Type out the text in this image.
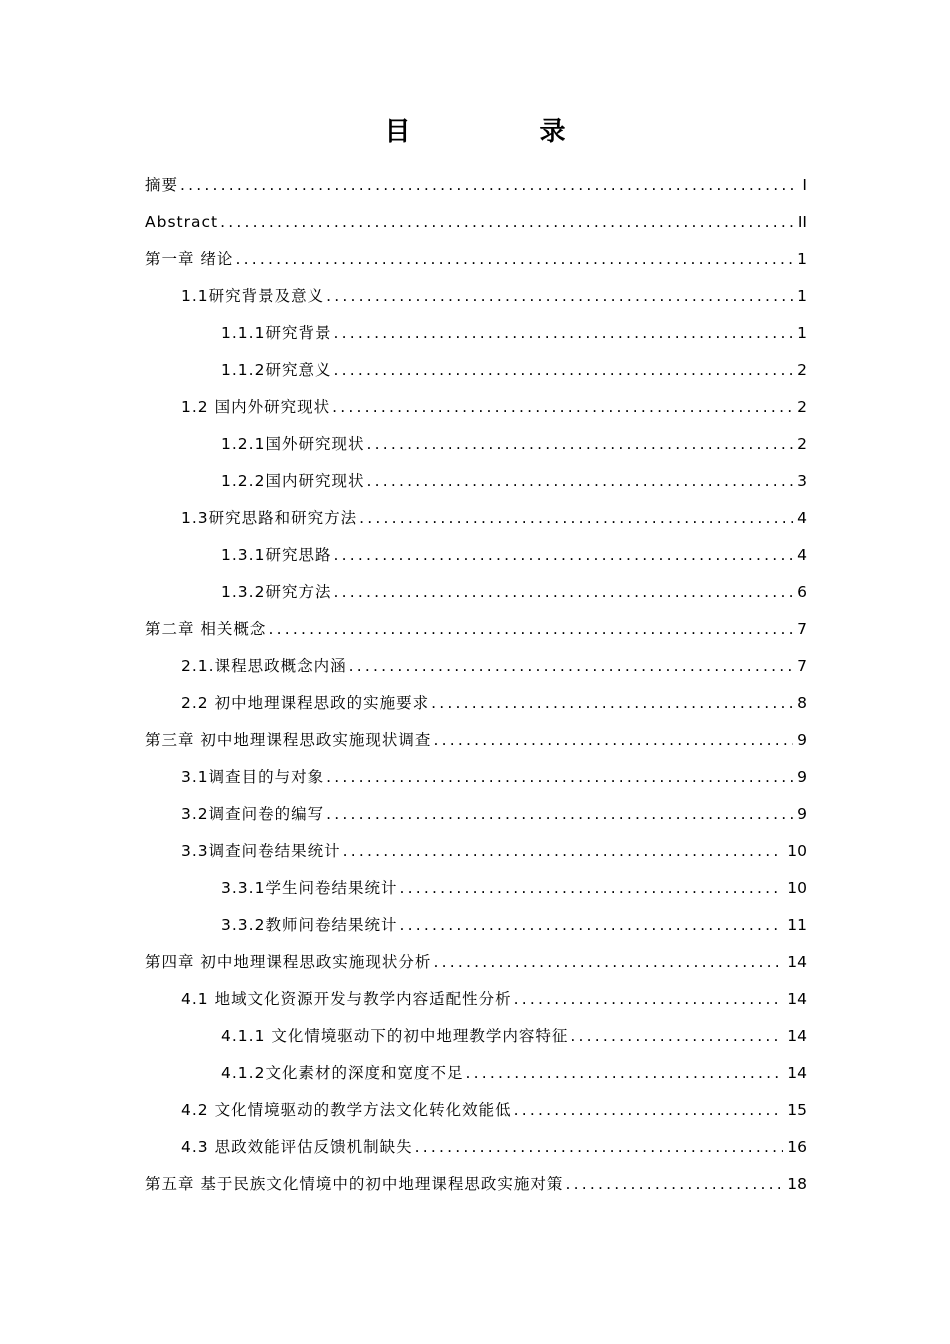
目 录
摘要 .....	I
Abstract .....	II
第一章 绪论 .....	1
1.1研究背景及意义 .....	1
1.1.1研究背景 .....	1
1.1.2研究意义 .....	2
1.2 国内外研究现状 .....	2
1.2.1国外研究现状 .....	2
1.2.2国内研究现状 .....	3
1.3研究思路和研究方法 .....	4
1.3.1研究思路 .....	4
1.3.2研究方法 .....	6
第二章 相关概念 .....	7
2.1.课程思政概念内涵 .....	7
2.2 初中地理课程思政的实施要求 .....	8
第三章 初中地理课程思政实施现状调查 .....	9
3.1调查目的与对象 .....	9
3.2调查问卷的编写 .....	9
3.3调查问卷结果统计 .....	10
3.3.1学生问卷结果统计 .....	10
3.3.2教师问卷结果统计 .....	11
第四章 初中地理课程思政实施现状分析 .....	14
4.1 地域文化资源开发与教学内容适配性分析 .....	14
4.1.1 文化情境驱动下的初中地理教学内容特征 .....	14
4.1.2文化素材的深度和宽度不足 .....	14
4.2 文化情境驱动的教学方法文化转化效能低 .....	15
4.3 思政效能评估反馈机制缺失 .....	16
第五章 基于民族文化情境中的初中地理课程思政实施对策 .....	18
